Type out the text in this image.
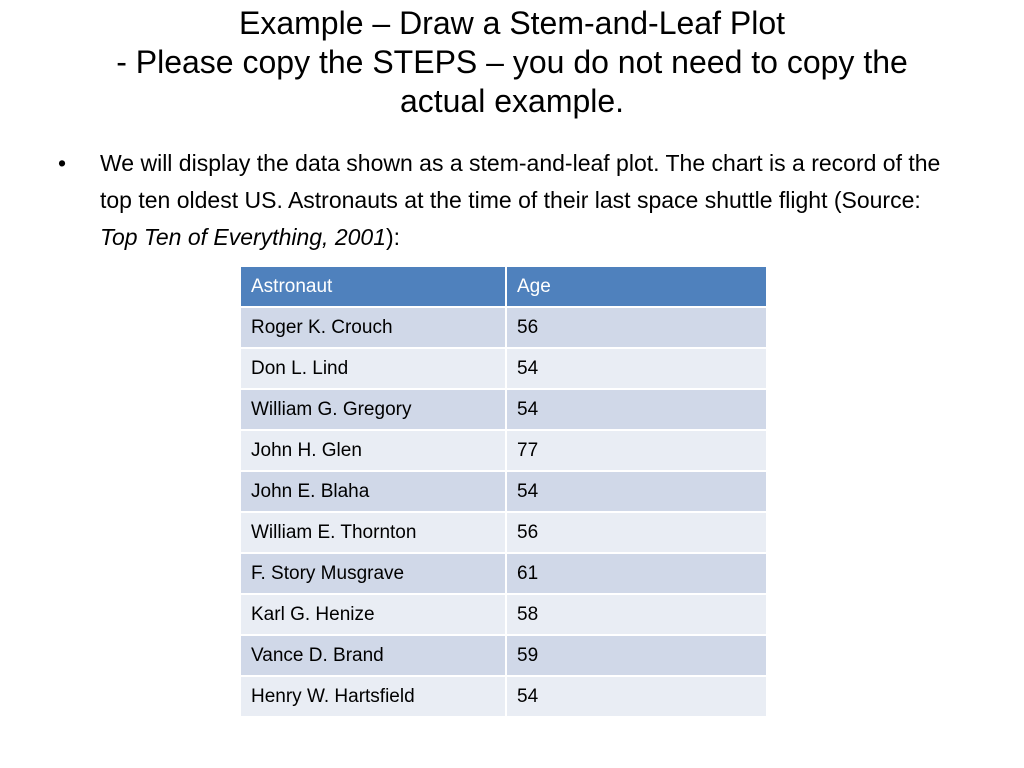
Example – Draw a Stem-and-Leaf Plot
- Please copy the STEPS – you do not need to copy the
actual example.
•	We will display the data shown as a stem-and-leaf plot. The chart is a record of the top ten oldest US. Astronauts at the time of their last space shuttle flight (Source: Top Ten of Everything, 2001):
Astronaut	Age
Roger K. Crouch	56
Don L. Lind	54
William G. Gregory	54
John H. Glen	77
John E. Blaha	54
William E. Thornton	56
F. Story Musgrave	61
Karl G. Henize	58
Vance D. Brand	59
Henry W. Hartsfield	54
